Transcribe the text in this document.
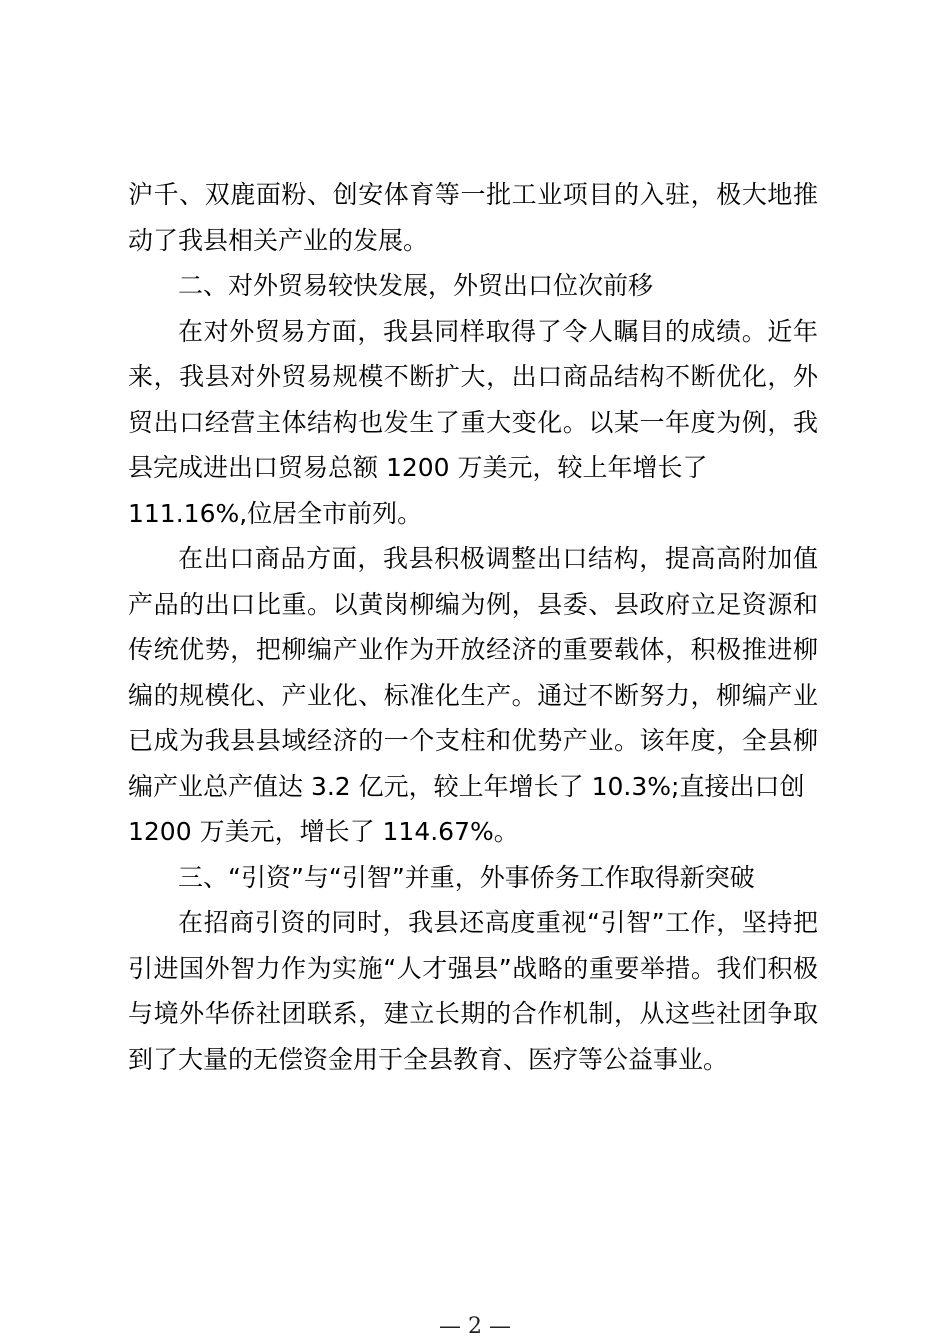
沪千、双鹿面粉、创安体育等一批工业项目的入驻，极大地推动了我县相关产业的发展。

二、对外贸易较快发展，外贸出口位次前移

在对外贸易方面，我县同样取得了令人瞩目的成绩。近年来，我县对外贸易规模不断扩大，出口商品结构不断优化，外贸出口经营主体结构也发生了重大变化。以某一年度为例，我县完成进出口贸易总额 1200 万美元，较上年增长了

111.16%,位居全市前列。

在出口商品方面，我县积极调整出口结构，提高高附加值产品的出口比重。以黄岗柳编为例，县委、县政府立足资源和传统优势，把柳编产业作为开放经济的重要载体，积极推进柳编的规模化、产业化、标准化生产。通过不断努力，柳编产业已成为我县县域经济的一个支柱和优势产业。该年度，全县柳编产业总产值达 3.2 亿元，较上年增长了 10.3%;直接出口创

1200 万美元，增长了 114.67%。

三、“引资”与“引智”并重，外事侨务工作取得新突破

在招商引资的同时，我县还高度重视“引智”工作，坚持把引进国外智力作为实施“人才强县”战略的重要举措。我们积极与境外华侨社团联系，建立长期的合作机制，从这些社团争取到了大量的无偿资金用于全县教育、医疗等公益事业。

— 2 —
